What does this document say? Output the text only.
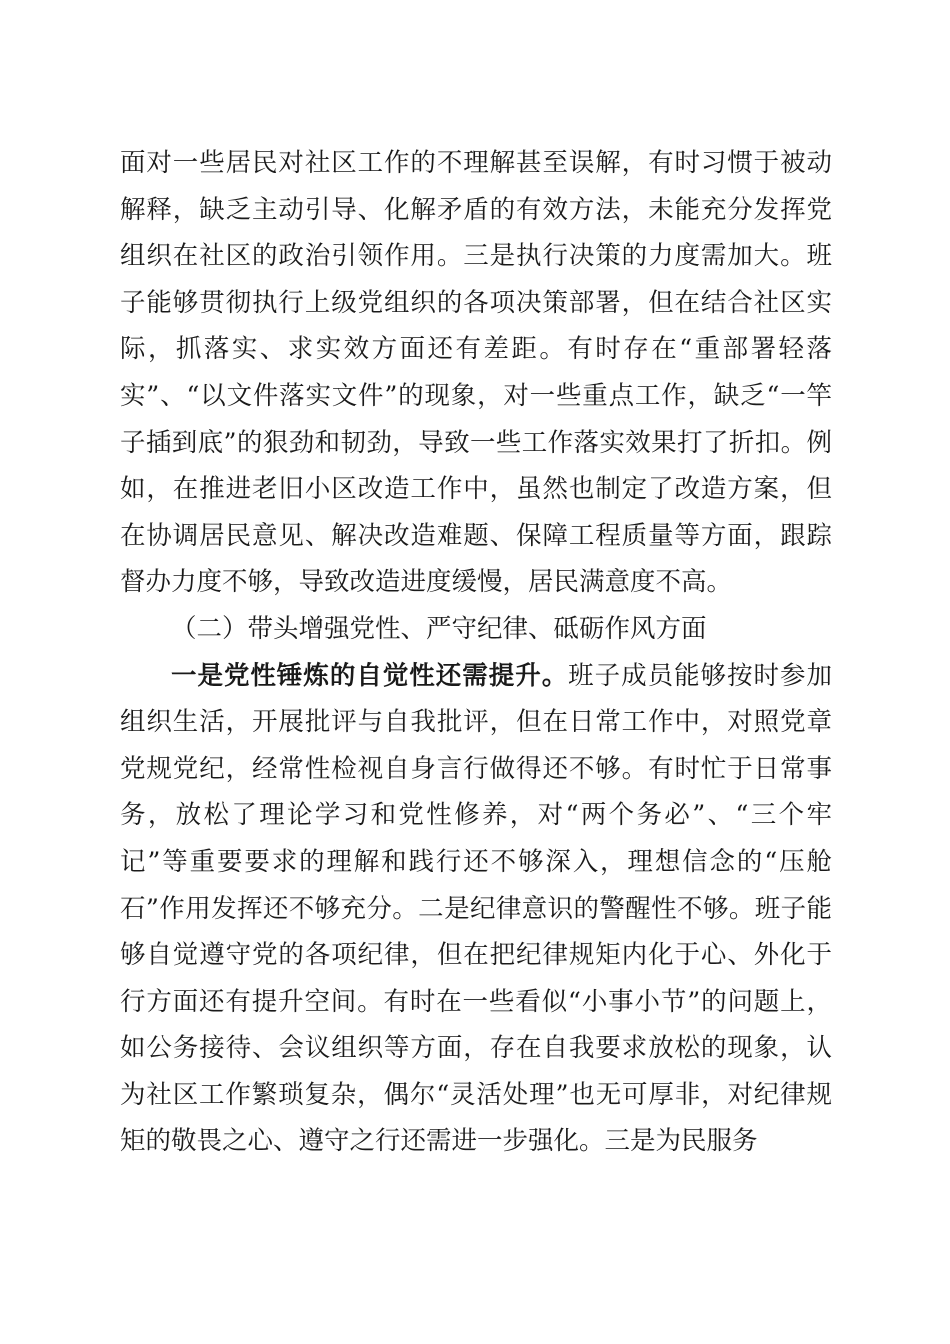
面对一些居民对社区工作的不理解甚至误解，有时习惯于被动解释，缺乏主动引导、化解矛盾的有效方法，未能充分发挥党组织在社区的政治引领作用。三是执行决策的力度需加大。班子能够贯彻执行上级党组织的各项决策部署，但在结合社区实际，抓落实、求实效方面还有差距。有时存在“重部署轻落实”、“以文件落实文件”的现象，对一些重点工作，缺乏“一竿子插到底”的狠劲和韧劲，导致一些工作落实效果打了折扣。例如，在推进老旧小区改造工作中，虽然也制定了改造方案，但在协调居民意见、解决改造难题、保障工程质量等方面，跟踪督办力度不够，导致改造进度缓慢，居民满意度不高。

（二）带头增强党性、严守纪律、砥砺作风方面

一是党性锤炼的自觉性还需提升。班子成员能够按时参加组织生活，开展批评与自我批评，但在日常工作中，对照党章党规党纪，经常性检视自身言行做得还不够。有时忙于日常事务，放松了理论学习和党性修养，对“两个务必”、“三个牢记”等重要要求的理解和践行还不够深入，理想信念的“压舱石”作用发挥还不够充分。二是纪律意识的警醒性不够。班子能够自觉遵守党的各项纪律，但在把纪律规矩内化于心、外化于行方面还有提升空间。有时在一些看似“小事小节”的问题上，如公务接待、会议组织等方面，存在自我要求放松的现象，认为社区工作繁琐复杂，偶尔“灵活处理”也无可厚非，对纪律规矩的敬畏之心、遵守之行还需进一步强化。三是为民服务
